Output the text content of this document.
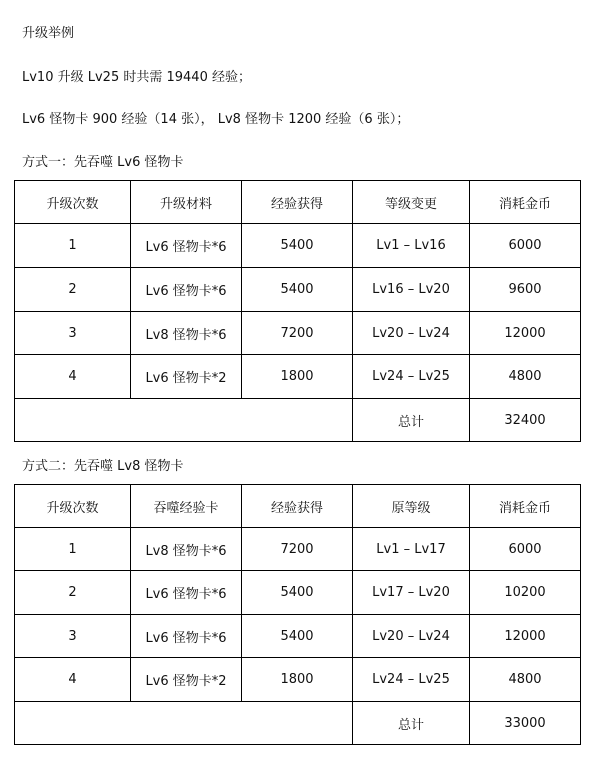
升级举例
Lv10 升级 Lv25 时共需 19440 经验；
Lv6 怪物卡 900 经验（14 张）， Lv8 怪物卡 1200 经验（6 张）；
方式一：先吞噬 Lv6 怪物卡
升级次数	升级材料	经验获得	等级变更	消耗金币
1	Lv6 怪物卡*6	5400	Lv1 – Lv16	6000
2	Lv6 怪物卡*6	5400	Lv16 – Lv20	9600
3	Lv8 怪物卡*6	7200	Lv20 – Lv24	12000
4	Lv6 怪物卡*2	1800	Lv24 – Lv25	4800
			总计	32400
方式二：先吞噬 Lv8 怪物卡
升级次数	吞噬经验卡	经验获得	原等级	消耗金币
1	Lv8 怪物卡*6	7200	Lv1 – Lv17	6000
2	Lv6 怪物卡*6	5400	Lv17 – Lv20	10200
3	Lv6 怪物卡*6	5400	Lv20 – Lv24	12000
4	Lv6 怪物卡*2	1800	Lv24 – Lv25	4800
			总计	33000
